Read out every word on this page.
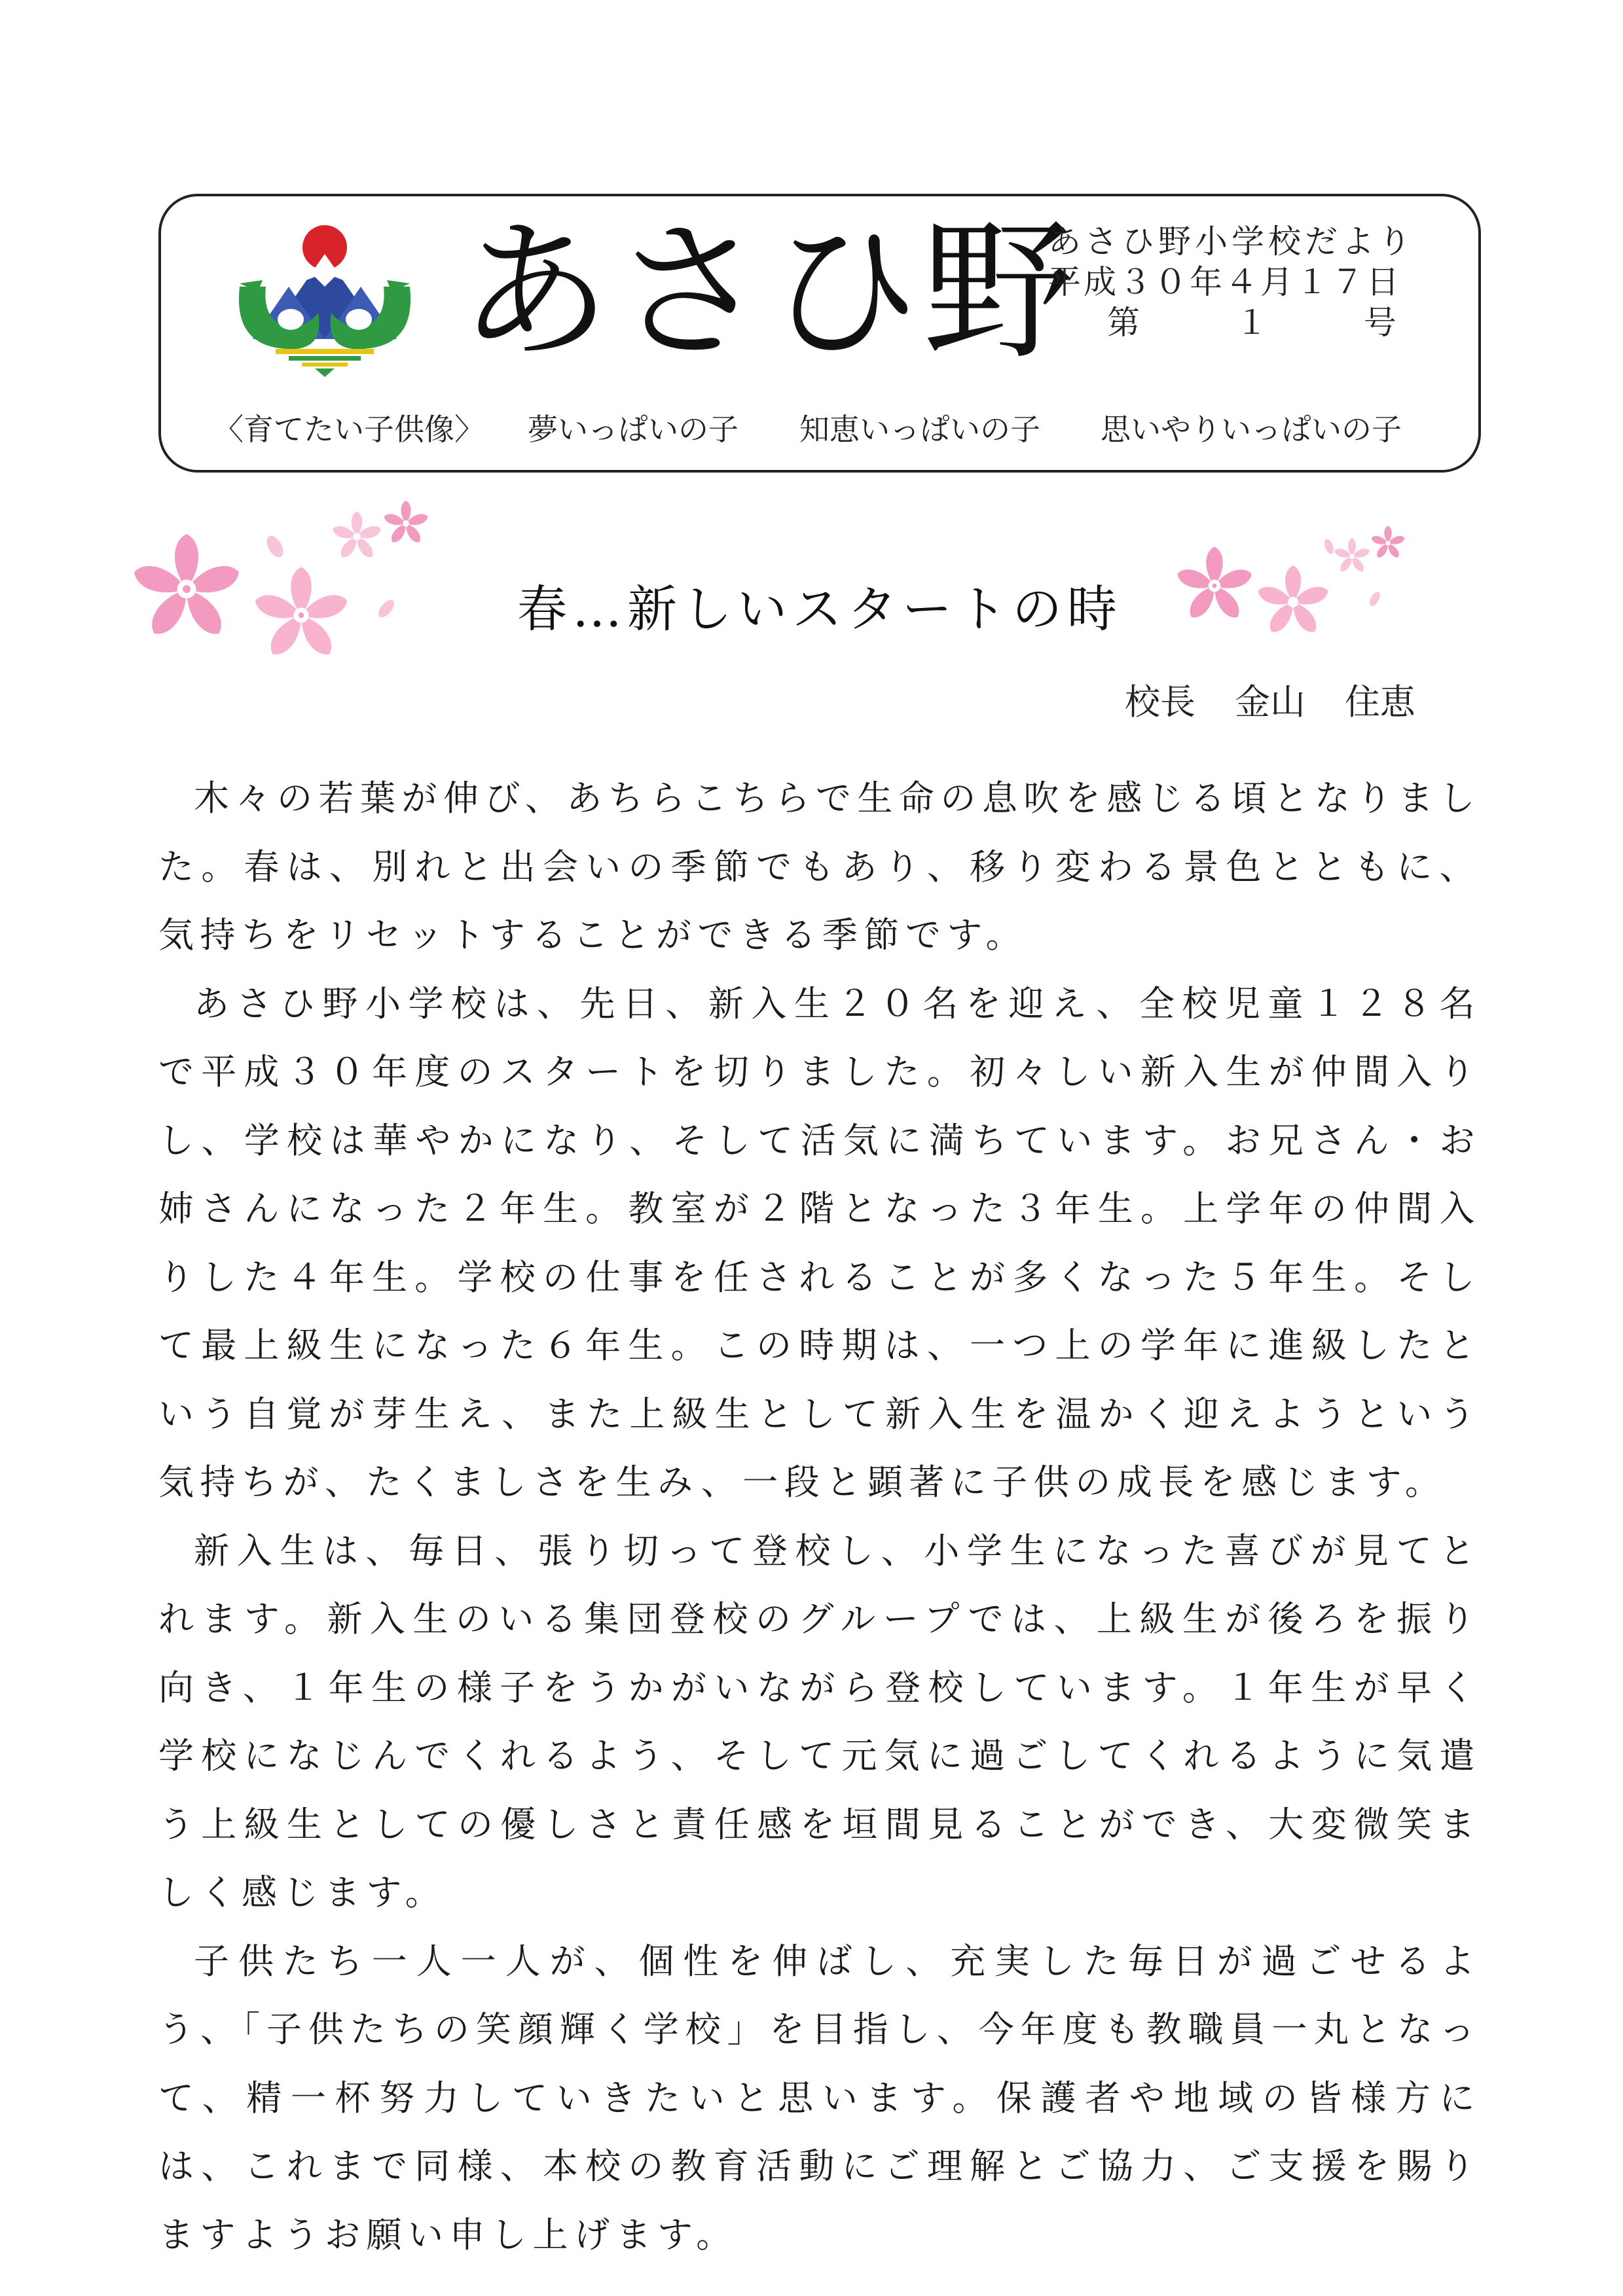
あさひ野
あさひ野小学校だより
平成３０年４月１７日
第	１	号
〈育てたい子供像〉 夢いっぱいの子 知恵いっぱいの子 思いやりいっぱいの子
春…新しいスタートの時
校長 金山 住恵

木々の若葉が伸び、あちらこちらで生命の息吹を感じる頃となりました。春は、別れと出会いの季節でもあり、移り変わる景色とともに、気持ちをリセットすることができる季節です。

あさひ野小学校は、先日、新入生２０名を迎え、全校児童１２８名で平成３０年度のスタートを切りました。初々しい新入生が仲間入りし、学校は華やかになり、そして活気に満ちています。お兄さん・お姉さんになった２年生。教室が２階となった３年生。上学年の仲間入りした４年生。学校の仕事を任されることが多くなった５年生。そして最上級生になった６年生。この時期は、一つ上の学年に進級したという自覚が芽生え、また上級生として新入生を温かく迎えようという気持ちが、たくましさを生み、一段と顕著に子供の成長を感じます。

新入生は、毎日、張り切って登校し、小学生になった喜びが見てとれます。新入生のいる集団登校のグループでは、上級生が後ろを振り向き、１年生の様子をうかがいながら登校しています。１年生が早く学校になじんでくれるよう、そして元気に過ごしてくれるように気遣う上級生としての優しさと責任感を垣間見ることができ、大変微笑ましく感じます。

子供たち一人一人が、個性を伸ばし、充実した毎日が過ごせるよう、「子供たちの笑顔輝く学校」を目指し、今年度も教職員一丸となって、精一杯努力していきたいと思います。保護者や地域の皆様方には、これまで同様、本校の教育活動にご理解とご協力、ご支援を賜りますようお願い申し上げます。
